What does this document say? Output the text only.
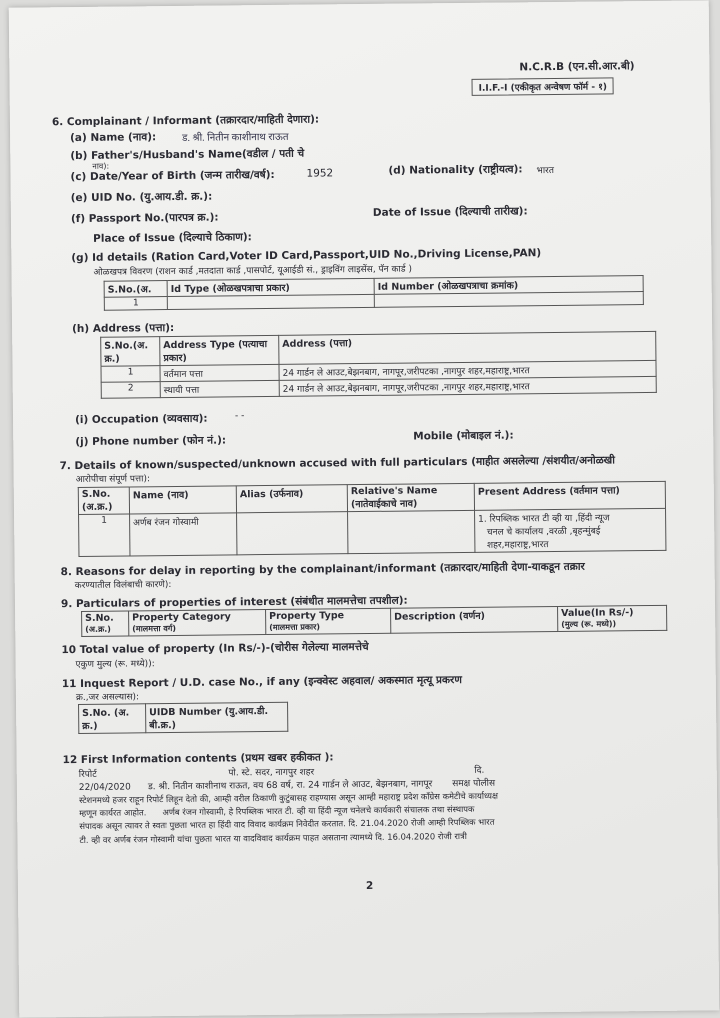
N.C.R.B (एन.सी.आर.बी)
I.I.F.-I (एकीकृत अन्वेषण फॉर्म - १)
6. Complainant / Informant (तक्रारदार/माहिती देणारा):
(a) Name (नाव):	ड. श्री. नितीन काशीनाथ राऊत
(b) Father's/Husband's Name(वडील / पती चे
नाव):
(c) Date/Year of Birth (जन्म तारीख/वर्ष):	1952	(d) Nationality (राष्ट्रीयत्व): भारत
(e) UID No. (यु.आय.डी. क्र.):
(f) Passport No.(पारपत्र क्र.):	Date of Issue (दिल्याची तारीख):
Place of Issue (दिल्याचे ठिकाण):
(g) Id details (Ration Card,Voter ID Card,Passport,UID No.,Driving License,PAN)
ओळखपत्र विवरण (राशन कार्ड ,मतदाता कार्ड ,पासपोर्ट, यूआईडी सं., ड्राइविंग लाइसेंस, पॅन कार्ड )
S.No.(अ.	Id Type (ओळखपत्राचा प्रकार)	Id Number (ओळखपत्राचा क्रमांक)
1		
(h) Address (पत्ता):
S.No.(अ.
क्र.)	Address Type (पत्याचा
प्रकार)	Address (पत्ता)
1	वर्तमान पत्ता	24 गार्डन ले आउट,बेझनबाग, नागपूर,जरीपटका ,नागपुर शहर,महाराष्ट्र,भारत
2	स्थायी पत्ता	24 गार्डन ले आउट,बेझनबाग, नागपूर,जरीपटका ,नागपुर शहर,महाराष्ट्र,भारत
(i) Occupation (व्यवसाय):	- -
(j) Phone number (फोन नं.):	Mobile (मोबाइल नं.):
7. Details of known/suspected/unknown accused with full particulars (माहीत असलेल्या /संशयीत/अनोळखी
आरोपीचा संपूर्ण पत्ता):
S.No.
(अ.क्र.)	Name (नाव)	Alias (उर्फनाव)	Relative's Name
(नातेवाईकाचे नाव)	Present Address (वर्तमान पत्ता)
1	अर्णब रंजन गोस्वामी			1. रिपब्लिक भारत टी व्ही या ,हिंदी न्यूज
चनल चे कार्यालय ,वरळी ,बृहन्मुंबई
शहर,महाराष्ट्र,भारत
8. Reasons for delay in reporting by the complainant/informant (तक्रारदार/माहिती देणा-याकडून तक्रार
करण्यातील विलंबाची कारणे):
9. Particulars of properties of interest (संबंधीत मालमत्तेचा तपशील):
S.No.
(अ.क्र.)	Property Category
(मालमत्ता वर्ग)	Property Type
(मालमत्ता प्रकार)	Description (वर्णन)	Value(In Rs/-)
(मुल्य (रू. मध्ये))
10 Total value of property (In Rs/-)-(चोरीस गेलेल्या मालमत्तेचे
एकुण मुल्य (रू. मध्ये)):
11 Inquest Report / U.D. case No., if any (इन्क्वेस्ट अहवाल/ अकस्मात मृत्यू प्रकरण
क्र.,जर असल्यास):
S.No. (अ.
क्र.)	UIDB Number (यु.आय.डी.
बी.क्र.)
12 First Information contents (प्रथम खबर हकीकत ):
रिपोर्ट                                              पो. स्टे. सदर, नागपुर शहर                                                        दि.
22/04/2020      ड. श्री. नितीन काशीनाथ राऊत, वय 68 वर्ष, रा. 24 गार्डन ले आउट, बेझनबाग, नागपूर       समक्ष पोलीस
स्टेशनमध्ये हजर राहून रिपोर्ट लिहून देतो की, आम्ही वरील ठिकाणी कुटुंबासह राहण्यास असून आम्ही महाराष्ट्र प्रदेश कॉंग्रेस कमेटीचे कार्याध्यक्ष
म्हणून कार्यरत आहोत.      अर्णब रंजन गोस्वामी, हे रिपब्लिक भारत टी. व्ही या हिंदी न्यूज चनेलचे कार्यकारी संचालक तथा संस्थापक
संपादक असून त्यावर ते स्वतः पुछता भारत हा हिंदी वाद विवाद कार्यक्रम निवेदीत करतात. दि. 21.04.2020 रोजी आम्ही रिपब्लिक भारत
टी. व्ही वर अर्णब रंजन गोस्वामी यांचा पुछता भारत या वादविवाद कार्यक्रम पाहत असताना त्यामध्ये दि. 16.04.2020 रोजी रात्री
2
